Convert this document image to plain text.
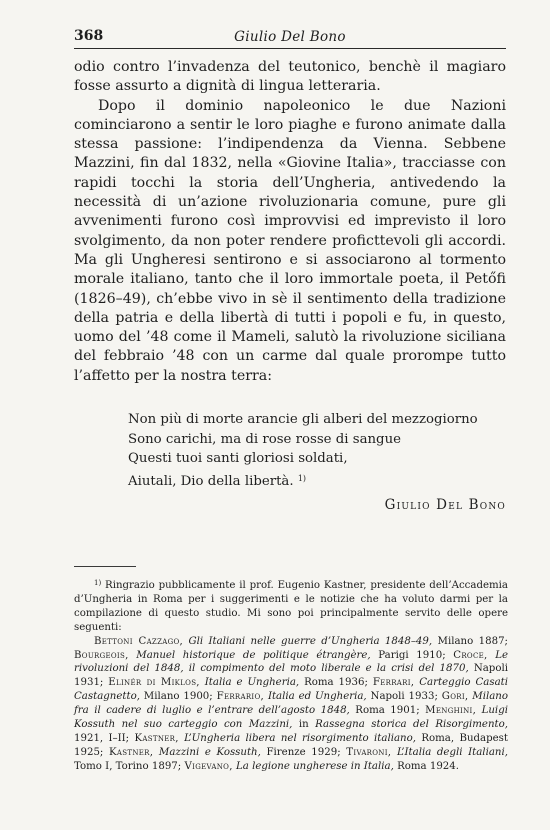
368	Giulio Del Bono

odio contro l’invadenza del teutonico, benchè il magiaro fosse assurto a dignità di lingua letteraria.

Dopo il dominio napoleonico le due Nazioni cominciarono a sentir le loro piaghe e furono animate dalla stessa passione: l’indipendenza da Vienna. Sebbene Mazzini, fin dal 1832, nella «Giovine Italia», tracciasse con rapidi tocchi la storia dell’Ungheria, antivedendo la necessità di un’azione rivoluzionaria comune, pure gli avvenimenti furono così improvvisi ed imprevisto il loro svolgimento, da non poter rendere proficttevoli gli accordi. Ma gli Ungheresi sentirono e si associarono al tormento morale italiano, tanto che il loro immortale poeta, il Petőfi (1826–49), ch’ebbe vivo in sè il sentimento della tradizione della patria e della libertà di tutti i popoli e fu, in questo, uomo del ’48 come il Mameli, salutò la rivoluzione siciliana del febbraio ’48 con un carme dal quale prorompe tutto l’affetto per la nostra terra:

Non più di morte arancie gli alberi del mezzogiorno
Sono carichi, ma di rose rosse di sangue
Questi tuoi santi gloriosi soldati,
Aiutali, Dio della libertà. $^{1)}$
Giulio Del Bono

$^{1)}$ Ringrazio pubblicamente il prof. Eugenio Kastner, presidente dell’Accademia d’Ungheria in Roma per i suggerimenti e le notizie che ha voluto darmi per la compilazione di questo studio. Mi sono poi principalmente servito delle opere seguenti:

Bettoni Cazzago, Gli Italiani nelle guerre d’Ungheria 1848–49, Milano 1887; Bourgeois, Manuel historique de politique étrangère, Parigi 1910; Croce, Le rivoluzioni del 1848, il compimento del moto liberale e la crisi del 1870, Napoli 1931; Elinér di Miklos, Italia e Ungheria, Roma 1936; Ferrari, Carteggio Casati Castagnetto, Milano 1900; Ferrario, Italia ed Ungheria, Napoli 1933; Gori, Milano fra il cadere di luglio e l’entrare dell’agosto 1848, Roma 1901; Menghini, Luigi Kossuth nel suo carteggio con Mazzini, in Rassegna storica del Risorgimento, 1921, I–II; Kastner, L’Ungheria libera nel risorgimento italiano, Roma, Budapest 1925; Kastner, Mazzini e Kossuth, Firenze 1929; Tivaroni, L’Italia degli Italiani, Tomo I, Torino 1897; Vigevano, La legione ungherese in Italia, Roma 1924.
